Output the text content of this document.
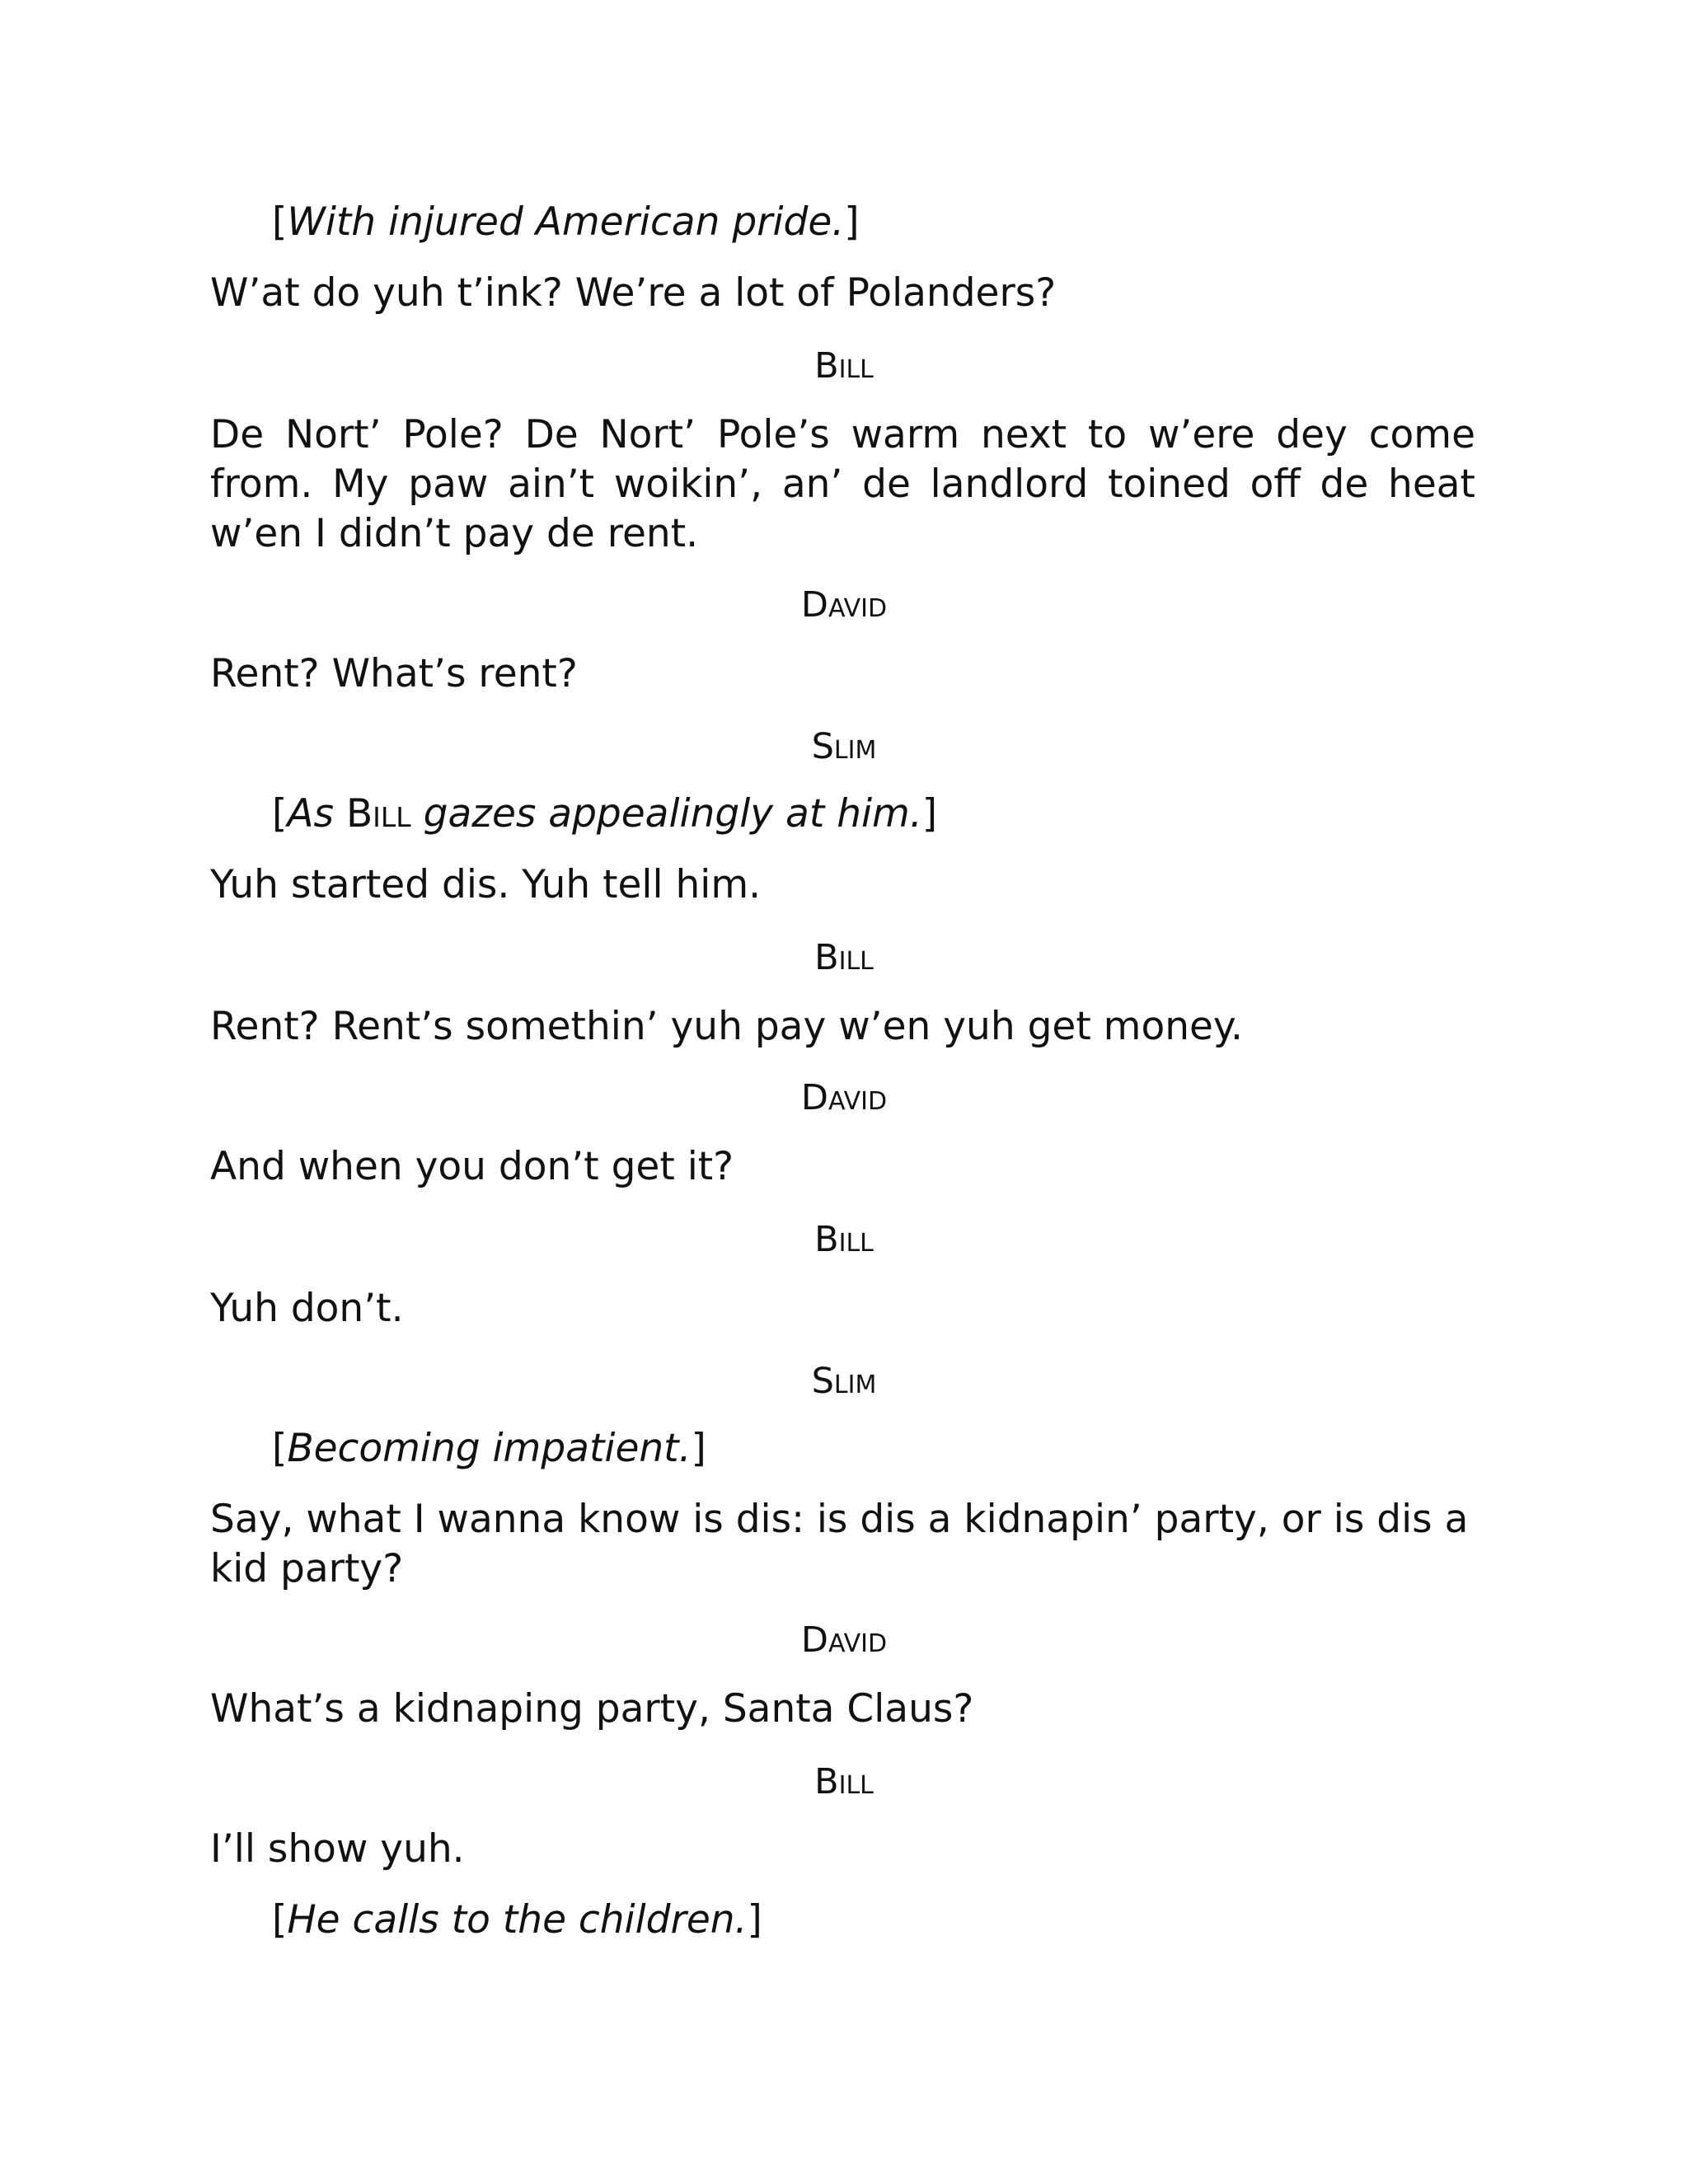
[With injured American pride.]

W’at do yuh t’ink? We’re a lot of Polanders?

Bill

De Nort’ Pole? De Nort’ Pole’s warm next to w’ere dey come from. My paw ain’t woikin’, an’ de landlord toined off de heat w’en I didn’t pay de rent.

David

Rent? What’s rent?

Slim

[As Bill gazes appealingly at him.]

Yuh started dis. Yuh tell him.

Bill

Rent? Rent’s somethin’ yuh pay w’en yuh get money.

David

And when you don’t get it?

Bill

Yuh don’t.

Slim

[Becoming impatient.]

Say, what I wanna know is dis: is dis a kidnapin’ party, or is dis a kid party?

David

What’s a kidnaping party, Santa Claus?

Bill

I’ll show yuh.

[He calls to the children.]
